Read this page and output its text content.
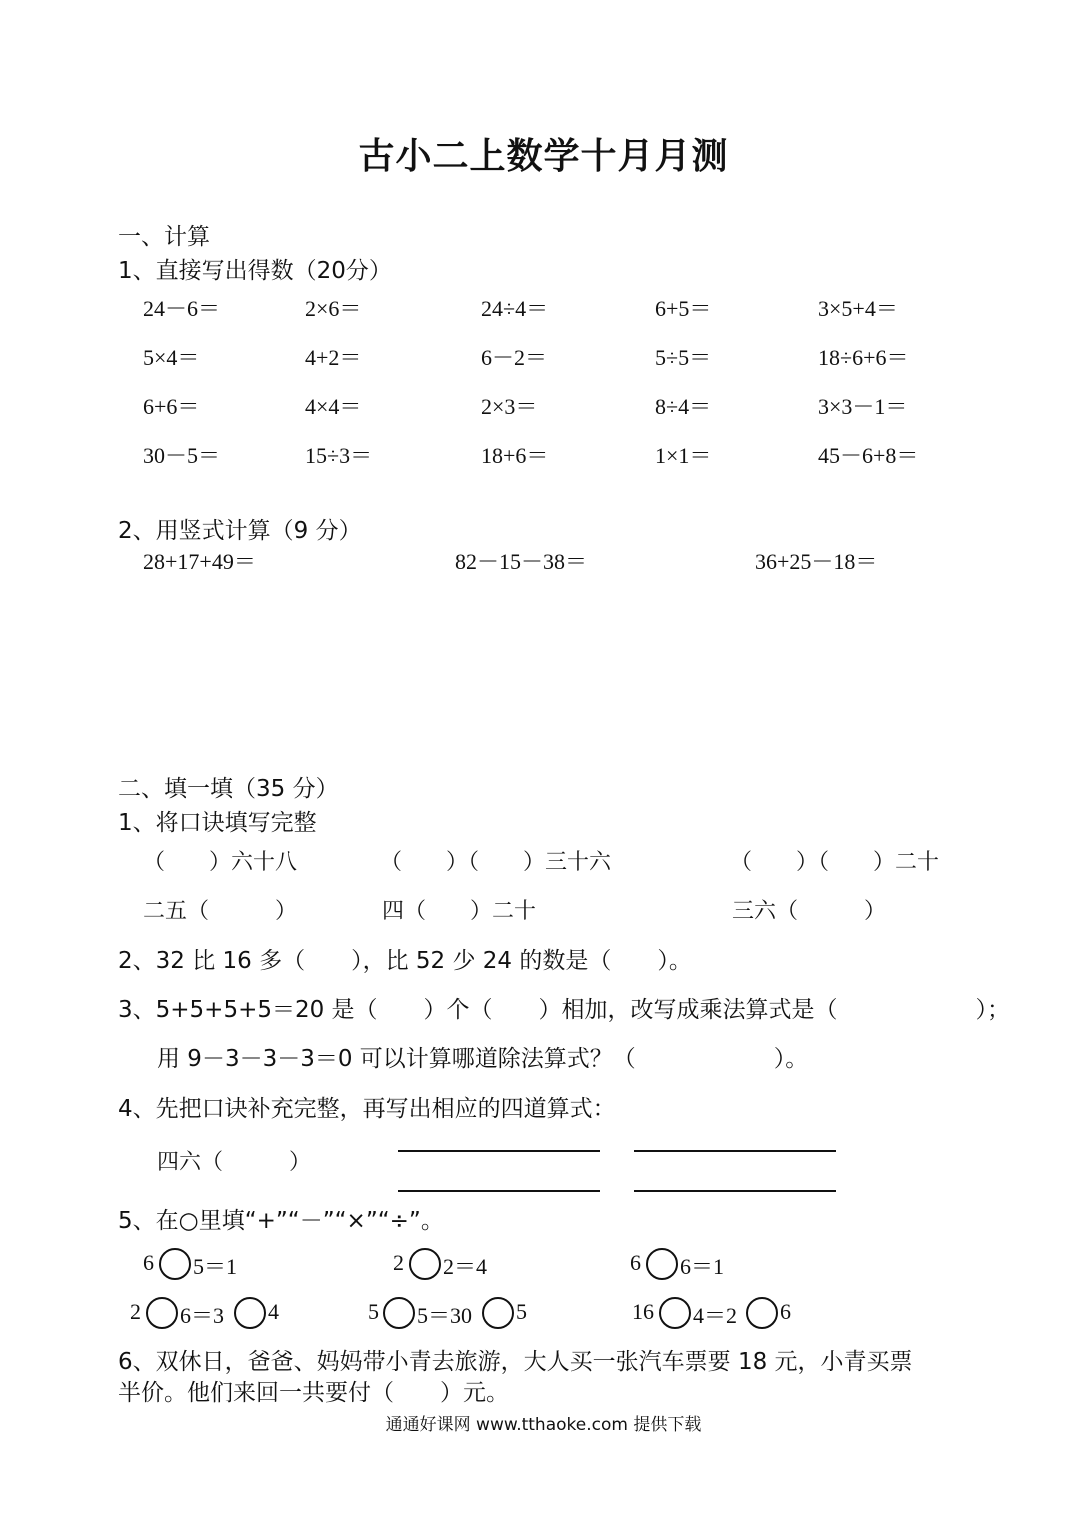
古小二上数学十月月测
一、计算
1、直接写出得数（20分）
24－6＝	2×6＝	24÷4＝	6+5＝	3×5+4＝
5×4＝	4+2＝	6－2＝	5÷5＝	18÷6+6＝
6+6＝	4×4＝	2×3＝	8÷4＝	3×3－1＝
30－5＝	15÷3＝	18+6＝	1×1＝	45－6+8＝
2、用竖式计算（9 分）
28+17+49＝	82－15－38＝	36+25－18＝
二、填一填（35 分）
1、将口诀填写完整
（　　）六十八	（　　）（　　）三十六	（　　）（　　）二十
二五（　　　）	四（　　）二十	三六（　　　）
2、32 比 16 多（　　），比 52 少 24 的数是（　　）。
3、5+5+5+5＝20 是（　　）个（　　）相加，改写成乘法算式是（　　　　　　）；
用 9－3－3－3＝0 可以计算哪道除法算式？（　　　　　　）。
4、先把口诀补充完整，再写出相应的四道算式：
四六（　　　）
5、在○里填“+”“－”“×”“÷”。
6 5＝1	2 2＝4	6 6＝1
2 6＝3 4	5 5＝30 5	16 4＝2 6
6、双休日，爸爸、妈妈带小青去旅游，大人买一张汽车票要 18 元，小青买票
半价。他们来回一共要付（　　）元。
通通好课网 www.tthaoke.com 提供下载
